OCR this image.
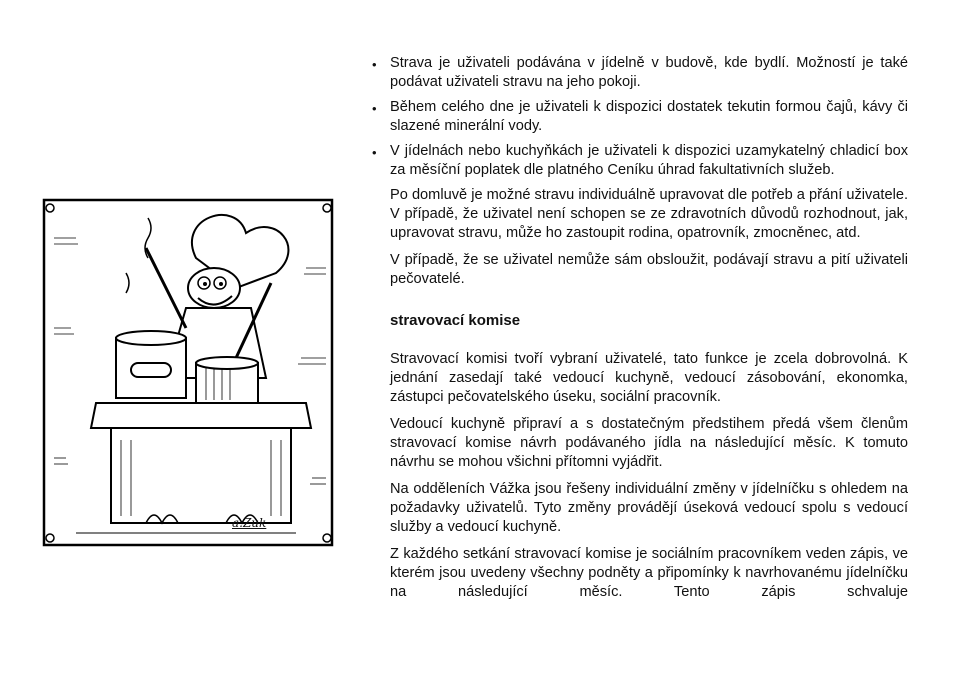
a.Zuk
• Strava je uživateli podávána v jídelně v budově, kde bydlí. Možností je také podávat uživateli stravu na jeho pokoji.
• Během celého dne je uživateli k dispozici dostatek tekutin formou čajů, kávy či slazené minerální vody.
• V jídelnách nebo kuchyňkách je uživateli k dispozici uzamykatelný chladicí box za měsíční poplatek dle platného Ceníku úhrad fakultativních služeb.

Po domluvě je možné stravu individuálně upravovat dle potřeb a přání uživatele. V případě, že uživatel není schopen se ze zdravotních důvodů rozhodnout, jak, upravovat stravu, může ho zastoupit rodina, opatrovník, zmocněnec, atd.

V případě, že se uživatel nemůže sám obsloužit, podávají stravu a pití uživateli pečovatelé.

stravovací komise

Stravovací komisi tvoří vybraní uživatelé, tato funkce je zcela dobrovolná. K jednání zasedají také vedoucí kuchyně, vedoucí zásobování, ekonomka, zástupci pečovatelského úseku, sociální pracovník.

Vedoucí kuchyně připraví a s dostatečným předstihem předá všem členům stravovací komise návrh podávaného jídla na následující měsíc. K tomuto návrhu se mohou všichni přítomni vyjádřit.

Na odděleních Vážka jsou řešeny individuální změny v jídelníčku s ohledem na požadavky uživatelů. Tyto změny provádějí úseková vedoucí spolu s vedoucí služby a vedoucí kuchyně.

Z každého setkání stravovací komise je sociálním pracovníkem veden zápis, ve kterém jsou uvedeny všechny podněty a připomínky k navrhovanému jídelníčku na následující měsíc. Tento zápis schvaluje
